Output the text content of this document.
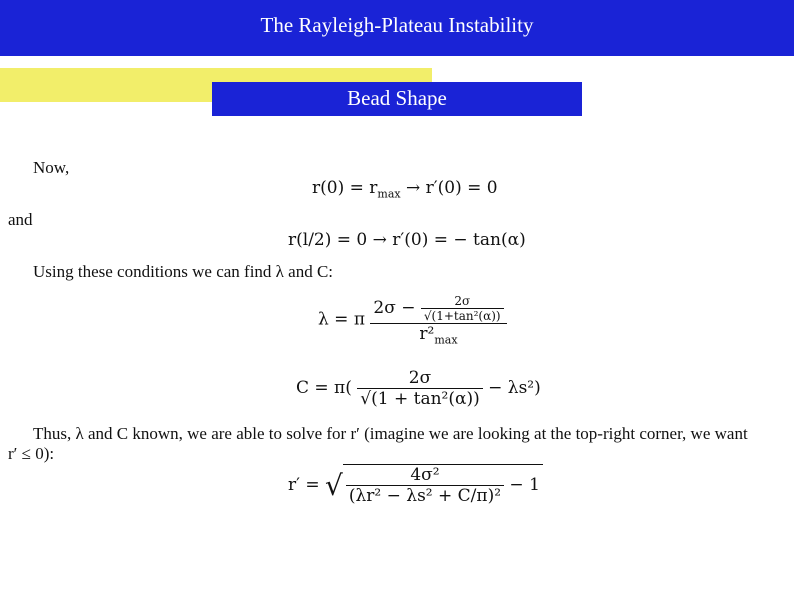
The Rayleigh-Plateau Instability
Bead Shape
Now,
$r(0) = r_{max} \to r'(0) = 0$
and
r(l/2) = 0 → r′(0) = − tan(α)
Using these conditions we can find λ and C:
λ = π $\frac{2\sigma - \frac{2\sigma}{\text{√(1+tan²(α))}}}{r^2_{max}}$
$C = \pi( \frac{2\sigma}{\text{√(1 + tan²(α))}} - \lambda s^2)$
Thus, λ and C known, we are able to solve for r′ (imagine we are looking at the top-right corner, we want
r′ ≤ 0):
r′ = √ $\frac{\text{4σ²}}{\text{(λr² − λs² + C/π)²}} - 1$
